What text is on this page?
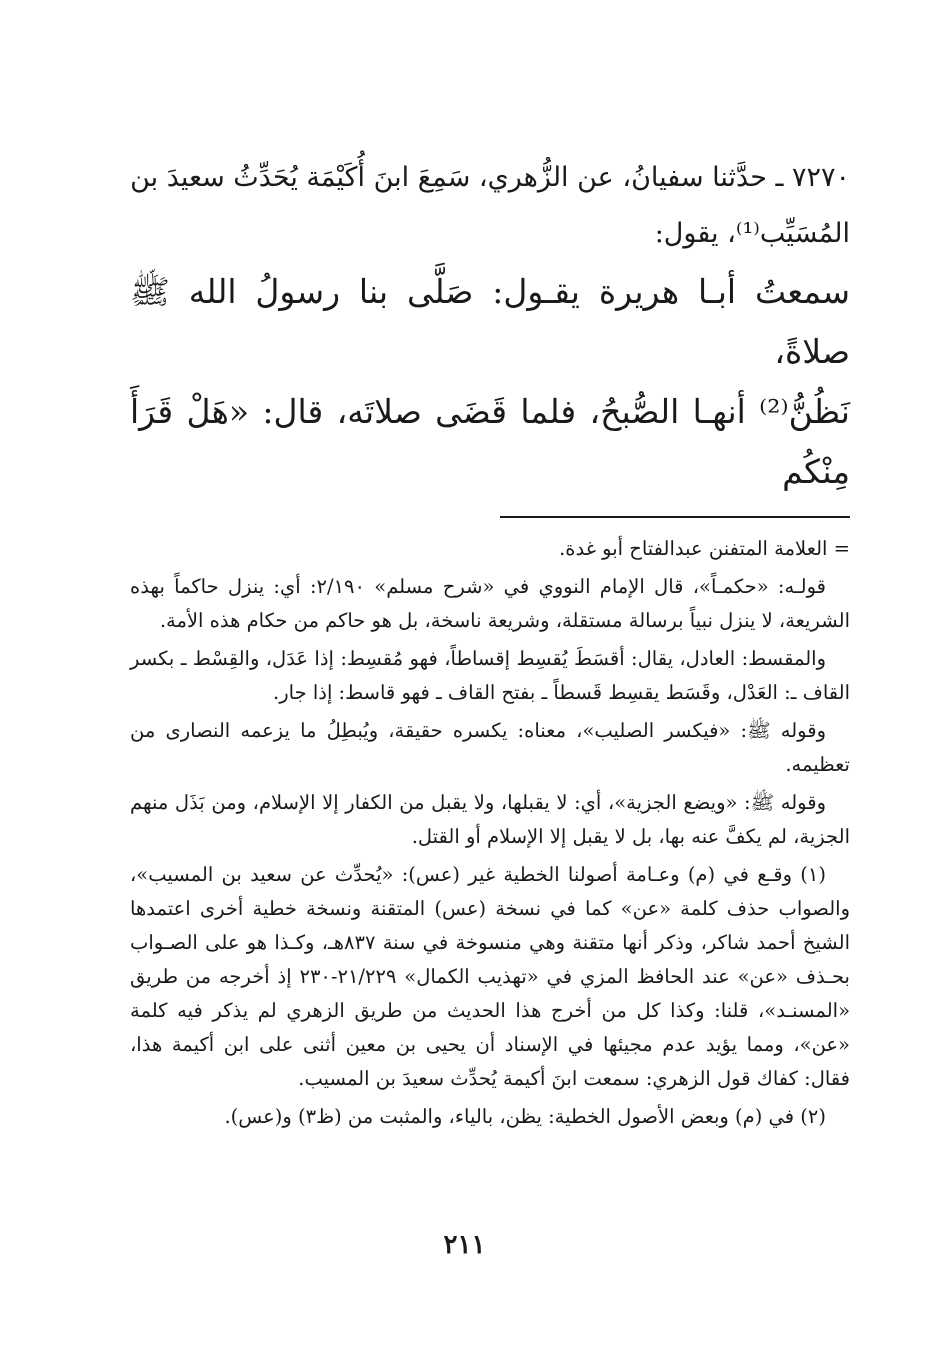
٧٢٧٠ ـ حدَّثنا سفيانُ، عن الزُّهري، سَمِعَ ابنَ أُكَيْمَة يُحَدِّثُ سعيدَ بن

المُسَيِّب⁽¹⁾، يقول:

سمعتُ أبـا هريرة يقـول: صَلَّى بنا رسولُ الله ﷺ صلاةً،

نَظُنُّ⁽²⁾ أنهـا الصُّبحُ، فلما قَضَى صلاتَه، قال: «هَلْ قَرَأَ مِنْكُم

= العلامة المتفنن عبدالفتاح أبو غدة.

قولـه: «حكمـاً»، قال الإمام النووي في «شرح مسلم» ٢/١٩٠: أي: ينزل حاكماً بهذه الشريعة، لا ينزل نبياً برسالة مستقلة، وشريعة ناسخة، بل هو حاكم من حكام هذه الأمة.

والمقسط: العادل، يقال: أقسَطَ يُقسِط إقساطاً، فهو مُقسِط: إذا عَدَل، والقِسْط ـ بكسر القاف ـ: العَدْل، وقَسَط يقسِط قَسطاً ـ بفتح القاف ـ فهو قاسط: إذا جار.

وقوله ﷺ: «فيكسر الصليب»، معناه: يكسره حقيقة، ويُبطِلُ ما يزعمه النصارى من تعظيمه.

وقوله ﷺ: «ويضع الجزية»، أي: لا يقبلها، ولا يقبل من الكفار إلا الإسلام، ومن بَذَل منهم الجزية، لم يكفَّ عنه بها، بل لا يقبل إلا الإسلام أو القتل.

(١) وقـع في (م) وعـامة أصولنا الخطية غير (عس): «يُحدِّث عن سعيد بن المسيب»، والصواب حذف كلمة «عن» كما في نسخة (عس) المتقنة ونسخة خطية أخرى اعتمدها الشيخ أحمد شاكر، وذكر أنها متقنة وهي منسوخة في سنة ٨٣٧هـ، وكـذا هو على الصـواب بحـذف «عن» عند الحافظ المزي في «تهذيب الكمال» ٢١/٢٢٩-٢٣٠ إذ أخرجه من طريق «المسنـد»، قلنا: وكذا كل من أخرج هذا الحديث من طريق الزهري لم يذكر فيه كلمة «عن»، ومما يؤيد عدم مجيئها في الإسناد أن يحيى بن معين أثنى على ابن أكيمة هذا، فقال: كفاك قول الزهري: سمعت ابنَ أكيمة يُحدِّث سعيدَ بن المسيب.

(٢) في (م) وبعض الأصول الخطية: يظن، بالياء، والمثبت من (ظ٣) و(عس).

٢١١
